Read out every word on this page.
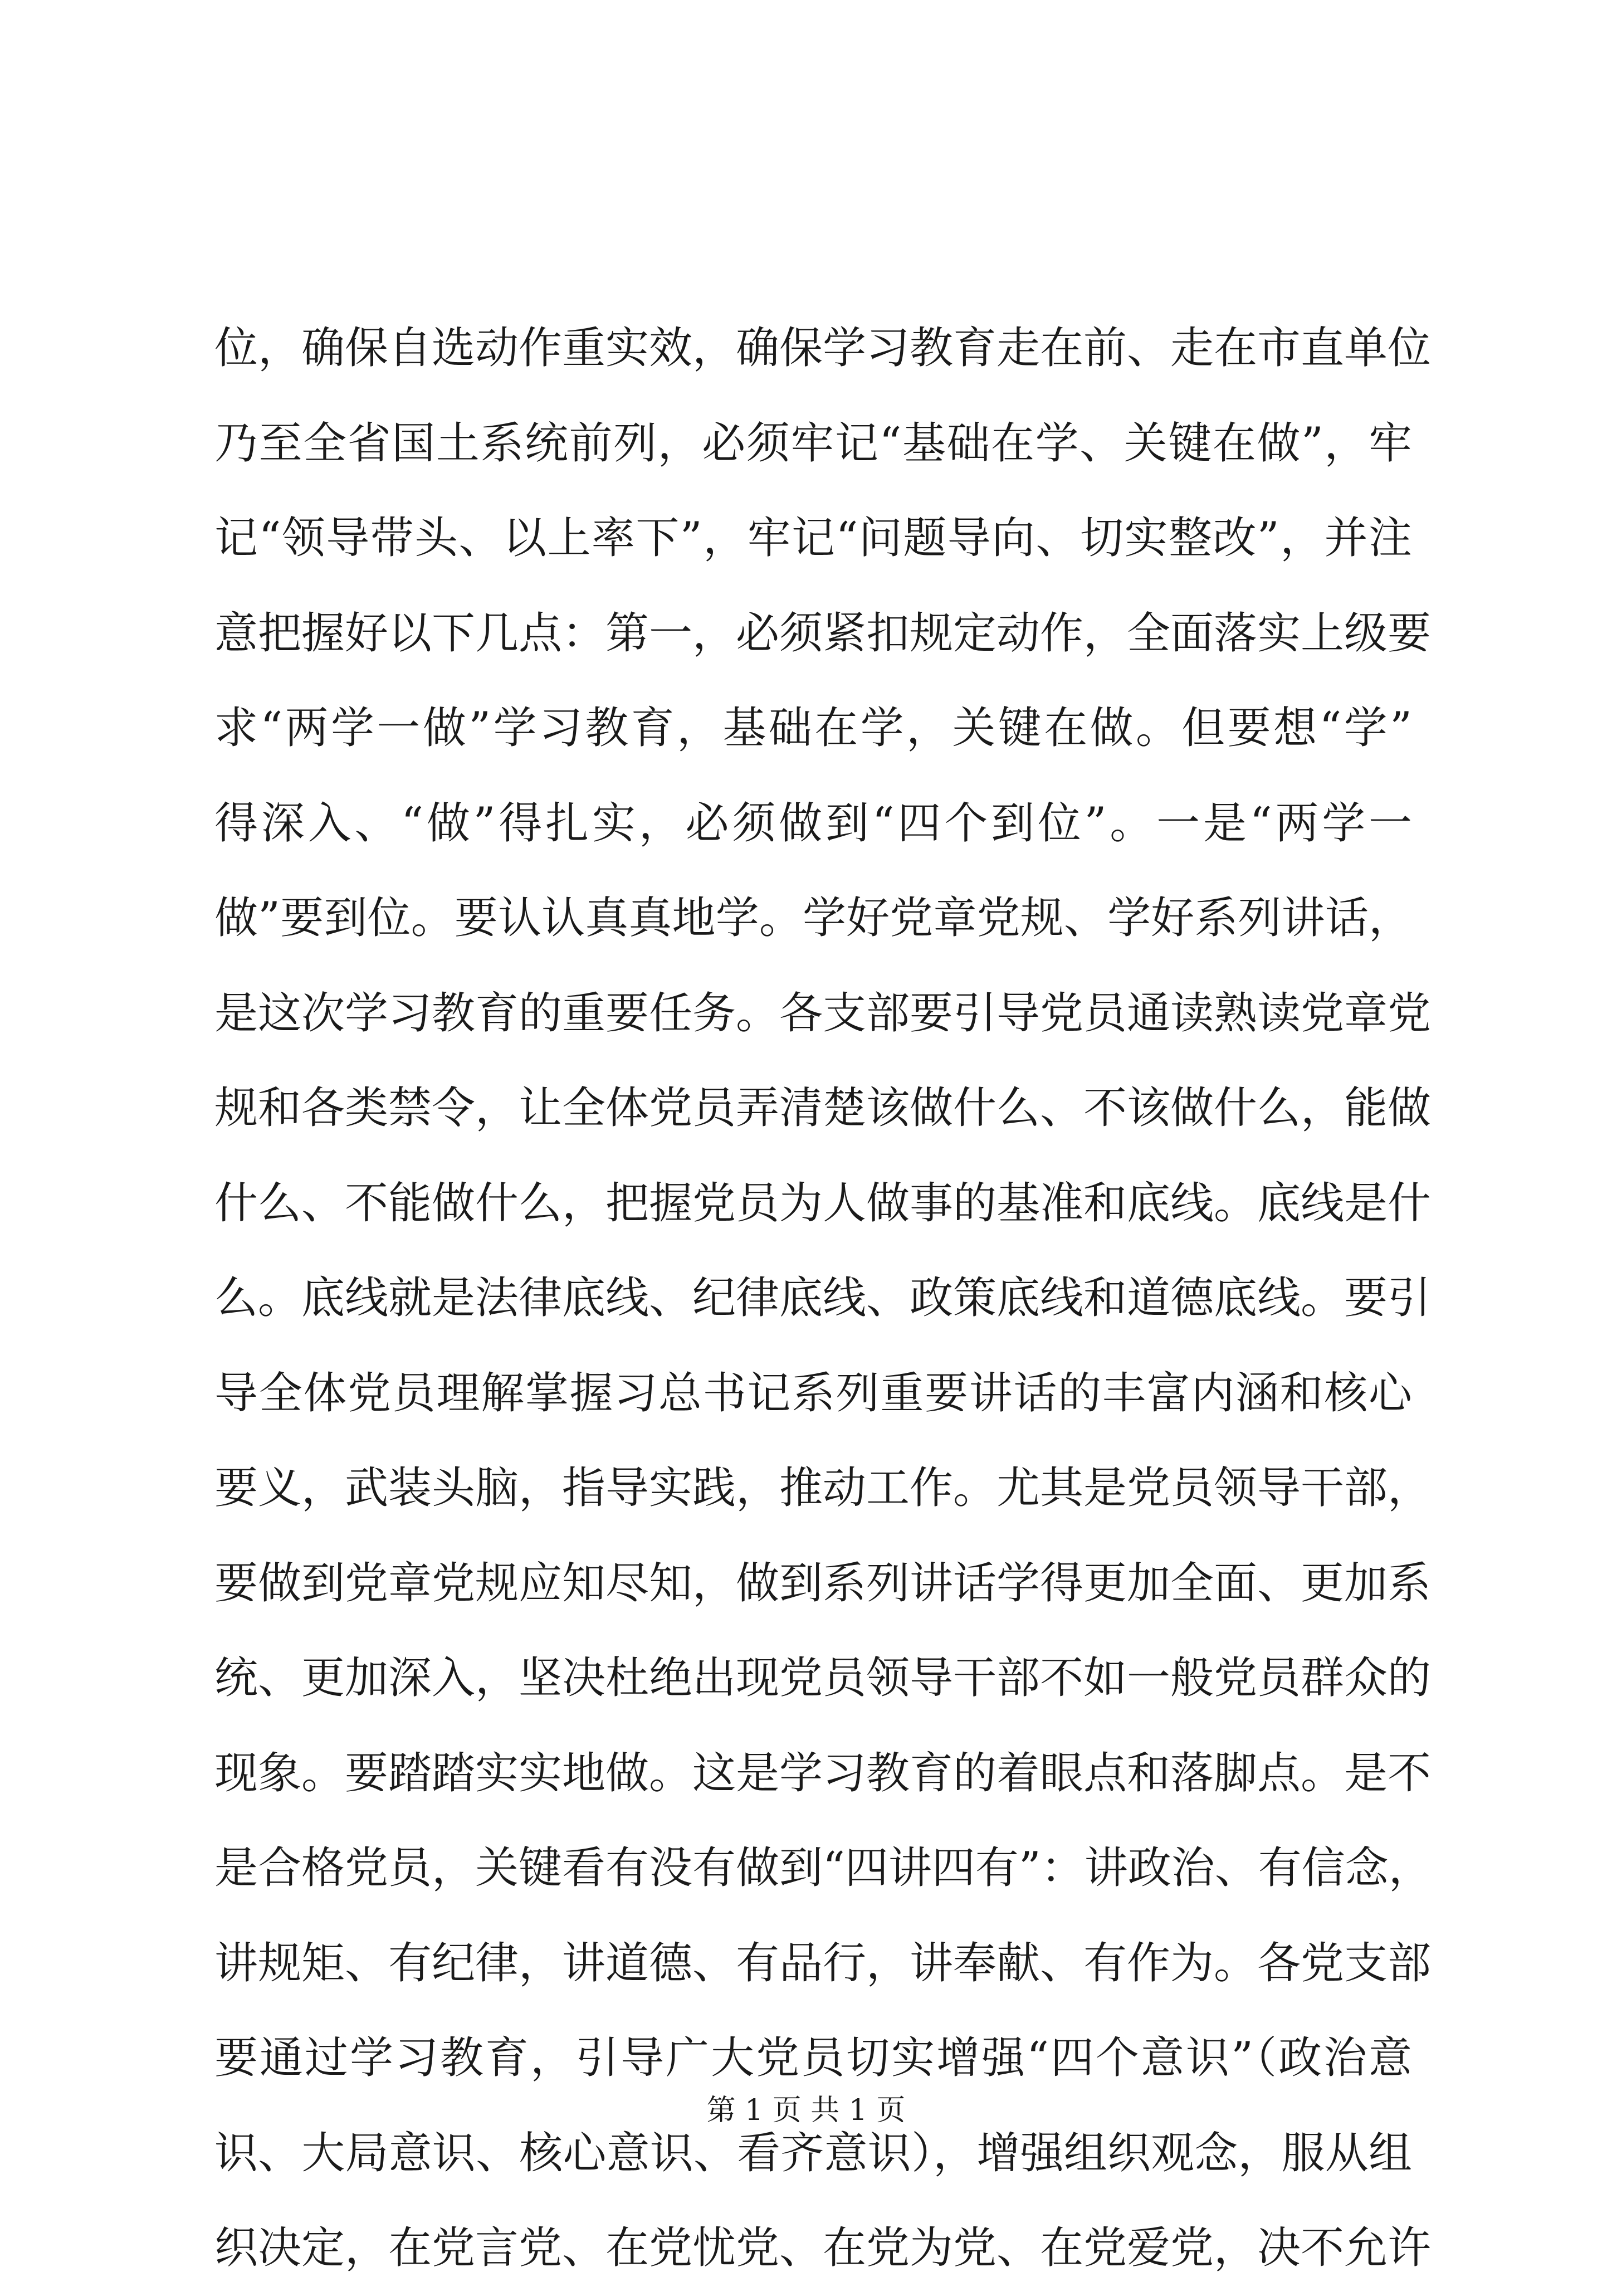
位，确保自选动作重实效，确保学习教育走在前、走在市直单位
乃至全省国土系统前列，必须牢记“基础在学、关键在做”，牢
记“领导带头、以上率下”，牢记“问题导向、切实整改”，并注
意把握好以下几点：第一，必须紧扣规定动作，全面落实上级要
求“两学一做”学习教育，基础在学，关键在做。但要想“学”
得深入、“做”得扎实，必须做到“四个到位”。一是“两学一
做”要到位。要认认真真地学。学好党章党规、学好系列讲话，
是这次学习教育的重要任务。各支部要引导党员通读熟读党章党
规和各类禁令，让全体党员弄清楚该做什么、不该做什么，能做
什么、不能做什么，把握党员为人做事的基准和底线。底线是什
么。底线就是法律底线、纪律底线、政策底线和道德底线。要引
导全体党员理解掌握习总书记系列重要讲话的丰富内涵和核心
要义，武装头脑，指导实践，推动工作。尤其是党员领导干部，
要做到党章党规应知尽知，做到系列讲话学得更加全面、更加系
统、更加深入，坚决杜绝出现党员领导干部不如一般党员群众的
现象。要踏踏实实地做。这是学习教育的着眼点和落脚点。是不
是合格党员，关键看有没有做到“四讲四有”：讲政治、有信念，
讲规矩、有纪律，讲道德、有品行，讲奉献、有作为。各党支部
要通过学习教育，引导广大党员切实增强“四个意识”（政治意
识、大局意识、核心意识、看齐意识），增强组织观念，服从组
织决定，在党言党、在党忧党、在党为党、在党爱党，决不允许
第 1 页 共 1 页
